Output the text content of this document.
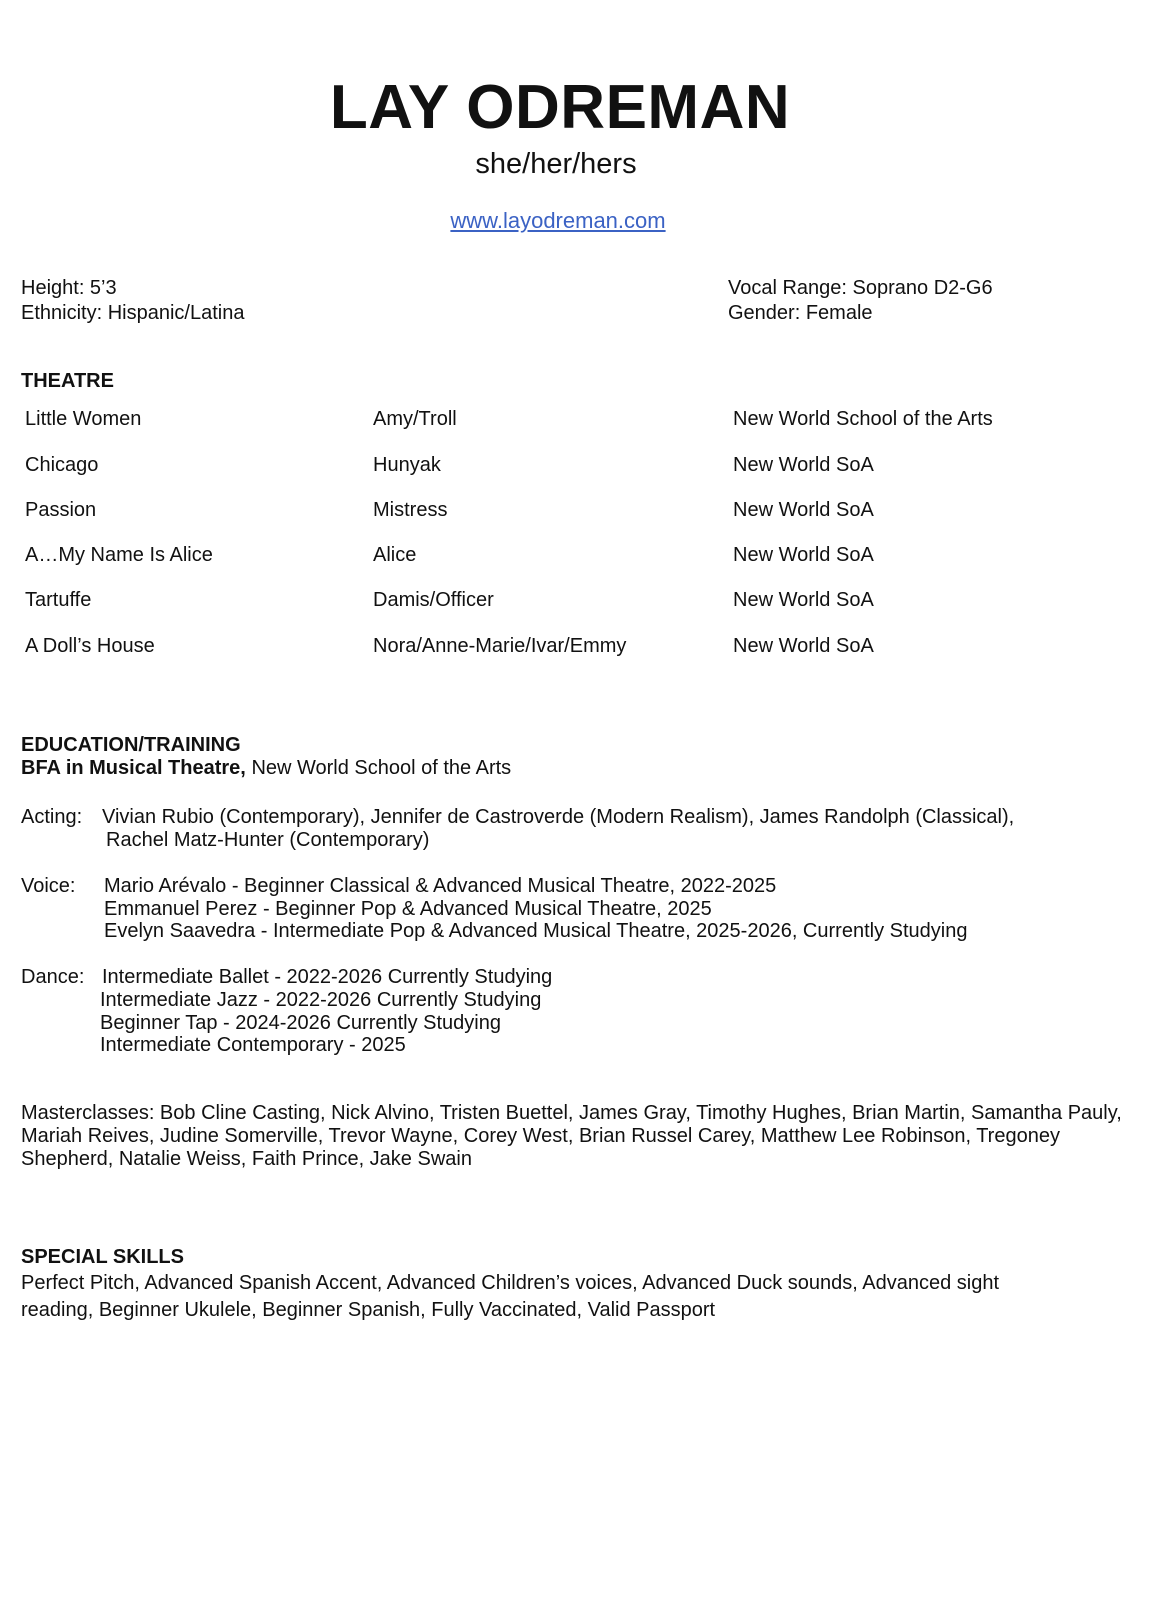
LAY ODREMAN
she/her/hers
www.layodreman.com
Height: 5’3
Ethnicity: Hispanic/Latina
Vocal Range: Soprano D2-G6
Gender: Female
THEATRE
Little Women	Amy/Troll	New World School of the Arts
Chicago	Hunyak	New World SoA
Passion	Mistress	New World SoA
A…My Name Is Alice	Alice	New World SoA
Tartuffe	Damis/Officer	New World SoA
A Doll’s House	Nora/Anne-Marie/Ivar/Emmy	New World SoA
EDUCATION/TRAINING
BFA in Musical Theatre, New World School of the Arts
Acting: Vivian Rubio (Contemporary), Jennifer de Castroverde (Modern Realism), James Randolph (Classical),
Rachel Matz-Hunter (Contemporary)
Voice: Mario Arévalo - Beginner Classical & Advanced Musical Theatre, 2022-2025
Emmanuel Perez - Beginner Pop & Advanced Musical Theatre, 2025
Evelyn Saavedra - Intermediate Pop & Advanced Musical Theatre, 2025-2026, Currently Studying
Dance: Intermediate Ballet - 2022-2026 Currently Studying
Intermediate Jazz - 2022-2026 Currently Studying
Beginner Tap - 2024-2026 Currently Studying
Intermediate Contemporary - 2025
Masterclasses: Bob Cline Casting, Nick Alvino, Tristen Buettel, James Gray, Timothy Hughes, Brian Martin, Samantha Pauly, Mariah Reives, Judine Somerville, Trevor Wayne, Corey West, Brian Russel Carey, Matthew Lee Robinson, Tregoney Shepherd, Natalie Weiss, Faith Prince, Jake Swain
SPECIAL SKILLS
Perfect Pitch, Advanced Spanish Accent, Advanced Children’s voices, Advanced Duck sounds, Advanced sight reading, Beginner Ukulele, Beginner Spanish, Fully Vaccinated, Valid Passport
